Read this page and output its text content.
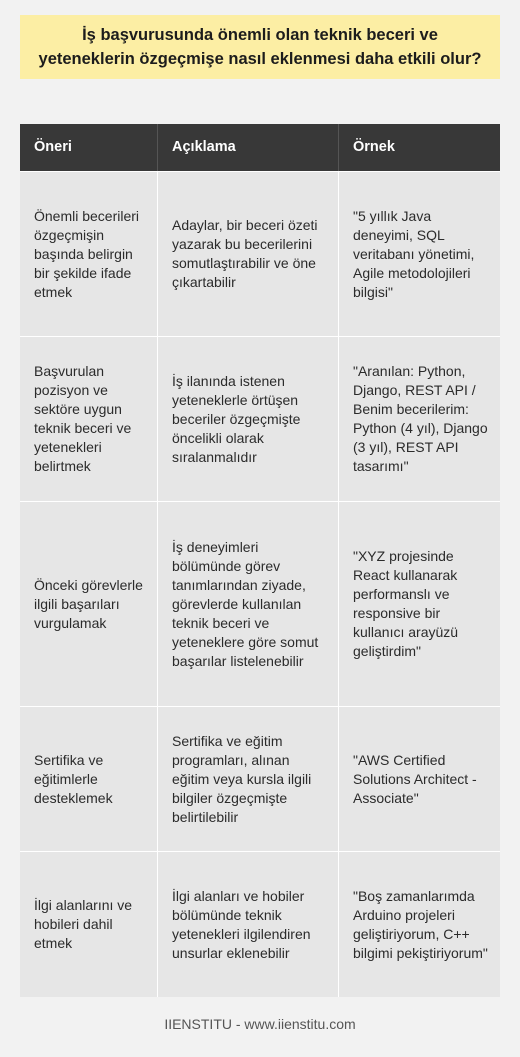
İş başvurusunda önemli olan teknik beceri ve yeteneklerin özgeçmişe nasıl eklenmesi daha etkili olur?
Öneri	Açıklama	Örnek
Önemli becerileri özgeçmişin başında belirgin bir şekilde ifade etmek
Adaylar, bir beceri özeti yazarak bu becerilerini somutlaştırabilir ve öne çıkartabilir
"5 yıllık Java deneyimi, SQL veritabanı yönetimi, Agile metodolojileri bilgisi"
Başvurulan pozisyon ve sektöre uygun teknik beceri ve yetenekleri belirtmek
İş ilanında istenen yeteneklerle örtüşen beceriler özgeçmişte öncelikli olarak sıralanmalıdır
"Aranılan: Python, Django, REST API / Benim becerilerim: Python (4 yıl), Django (3 yıl), REST API tasarımı"
Önceki görevlerle ilgili başarıları vurgulamak
İş deneyimleri bölümünde görev tanımlarından ziyade, görevlerde kullanılan teknik beceri ve yeteneklere göre somut başarılar listelenebilir
"XYZ projesinde React kullanarak performanslı ve responsive bir kullanıcı arayüzü geliştirdim"
Sertifika ve eğitimlerle desteklemek
Sertifika ve eğitim programları, alınan eğitim veya kursla ilgili bilgiler özgeçmişte belirtilebilir
"AWS Certified Solutions Architect - Associate"
İlgi alanlarını ve hobileri dahil etmek
İlgi alanları ve hobiler bölümünde teknik yetenekleri ilgilendiren unsurlar eklenebilir
"Boş zamanlarımda Arduino projeleri geliştiriyorum, C++ bilgimi pekiştiriyorum"
IIENSTITU - www.iienstitu.com
